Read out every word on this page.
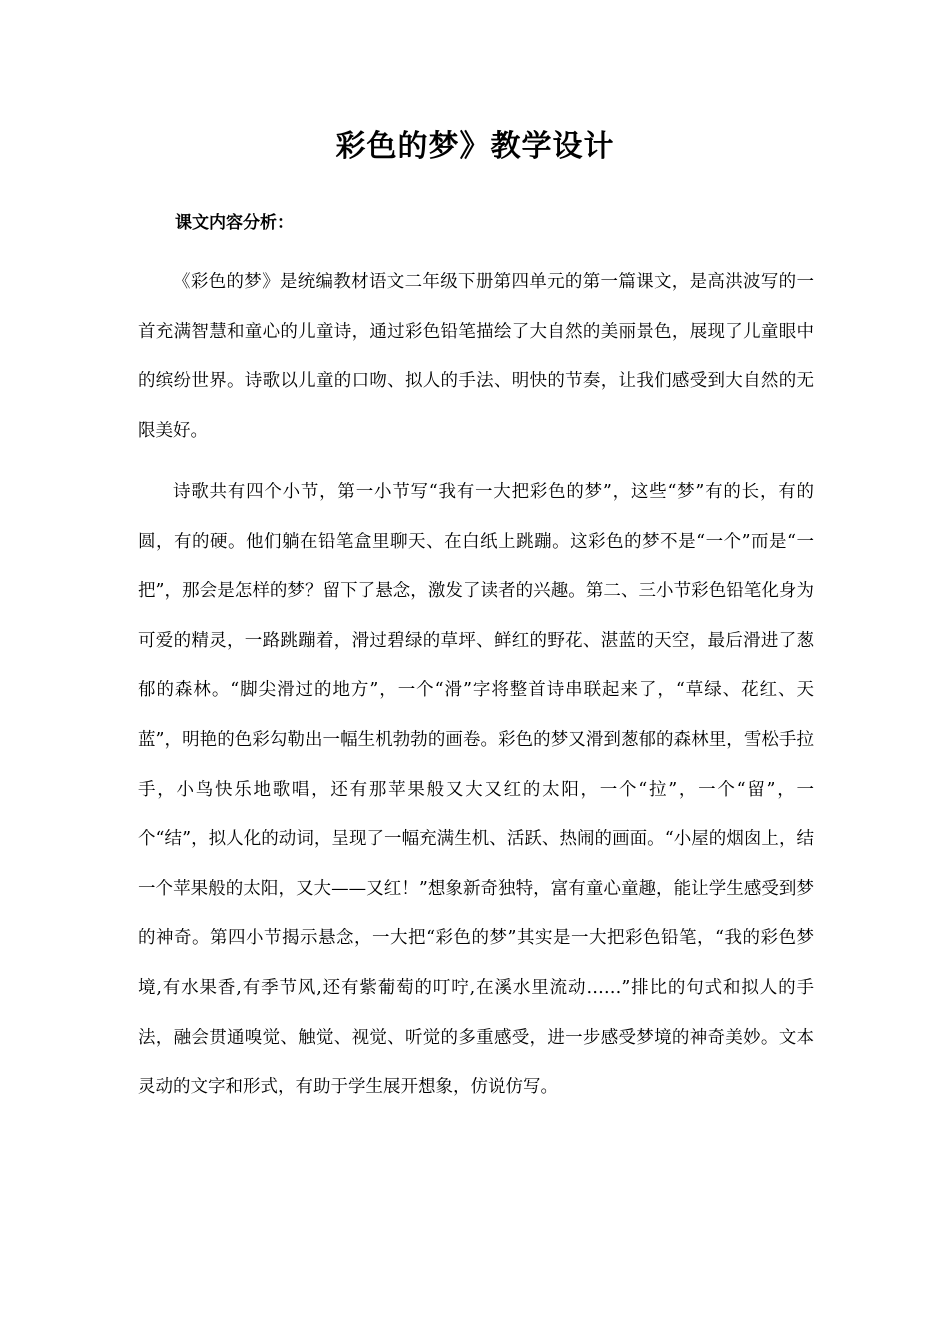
彩色的梦》教学设计
课文内容分析：

《彩色的梦》是统编教材语文二年级下册第四单元的第一篇课文，是高洪波写的一首充满智慧和童心的儿童诗，通过彩色铅笔描绘了大自然的美丽景色，展现了儿童眼中的缤纷世界。诗歌以儿童的口吻、拟人的手法、明快的节奏，让我们感受到大自然的无限美好。

诗歌共有四个小节，第一小节写“我有一大把彩色的梦”，这些“梦”有的长，有的圆，有的硬。他们躺在铅笔盒里聊天、在白纸上跳蹦。这彩色的梦不是“一个”而是“一把”，那会是怎样的梦？留下了悬念，激发了读者的兴趣。第二、三小节彩色铅笔化身为可爱的精灵，一路跳蹦着，滑过碧绿的草坪、鲜红的野花、湛蓝的天空，最后滑进了葱郁的森林。“脚尖滑过的地方”，一个“滑”字将整首诗串联起来了，“草绿、花红、天蓝”，明艳的色彩勾勒出一幅生机勃勃的画卷。彩色的梦又滑到葱郁的森林里，雪松手拉手，小鸟快乐地歌唱，还有那苹果般又大又红的太阳，一个“拉”，一个“留”，一个“结”，拟人化的动词，呈现了一幅充满生机、活跃、热闹的画面。“小屋的烟囱上，结一个苹果般的太阳，又大——又红！”想象新奇独特，富有童心童趣，能让学生感受到梦的神奇。第四小节揭示悬念，一大把“彩色的梦”其实是一大把彩色铅笔，“我的彩色梦境,有水果香,有季节风,还有紫葡萄的叮咛,在溪水里流动……”排比的句式和拟人的手法，融会贯通嗅觉、触觉、视觉、听觉的多重感受，进一步感受梦境的神奇美妙。文本灵动的文字和形式，有助于学生展开想象，仿说仿写。
